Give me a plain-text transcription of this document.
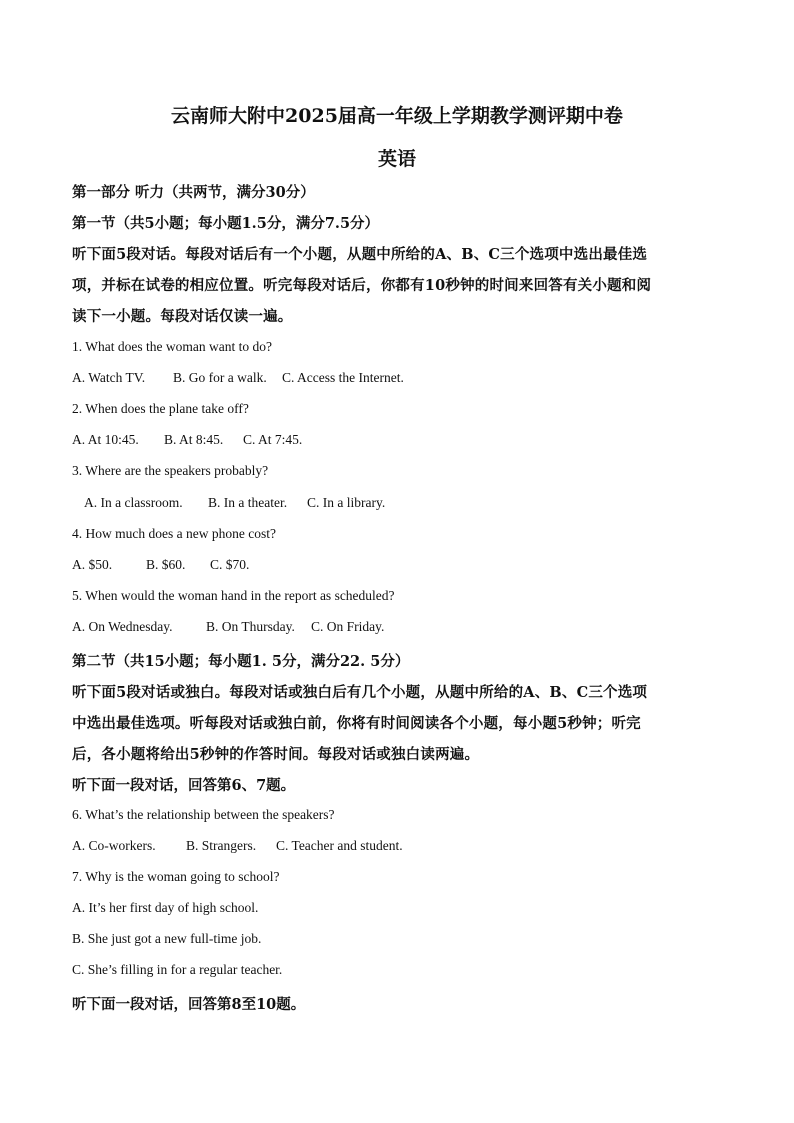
云南师大附中2025届高一年级上学期教学测评期中卷
英语
第一部分 听力（共两节，满分30分）
第一节（共5小题；每小题1.5分，满分7.5分）
听下面5段对话。每段对话后有一个小题，从题中所给的A、B、C三个选项中选出最佳选
项，并标在试卷的相应位置。听完每段对话后，你都有10秒钟的时间来回答有关小题和阅
读下一小题。每段对话仅读一遍。
1. What does the woman want to do?
A. Watch TV. B. Go for a walk. C. Access the Internet.
2. When does the plane take off?
A. At 10:45. B. At 8:45. C. At 7:45.
3. Where are the speakers probably?
A. In a classroom. B. In a theater. C. In a library.
4. How much does a new phone cost?
A. $50.	B. $60. C. $70.
5. When would the woman hand in the report as scheduled?
A. On Wednesday. B. On Thursday. C. On Friday.
第二节（共15小题；每小题1. 5分，满分22. 5分）
听下面5段对话或独白。每段对话或独白后有几个小题，从题中所给的A、B、C三个选项
中选出最佳选项。听每段对话或独白前，你将有时间阅读各个小题，每小题5秒钟；听完
后，各小题将给出5秒钟的作答时间。每段对话或独白读两遍。
听下面一段对话，回答第6、7题。
6. What’s the relationship between the speakers?
A. Co-workers. B. Strangers. C. Teacher and student.
7. Why is the woman going to school?
A. It’s her first day of high school.
B. She just got a new full-time job.
C. She’s filling in for a regular teacher.
听下面一段对话，回答第8至10题。
